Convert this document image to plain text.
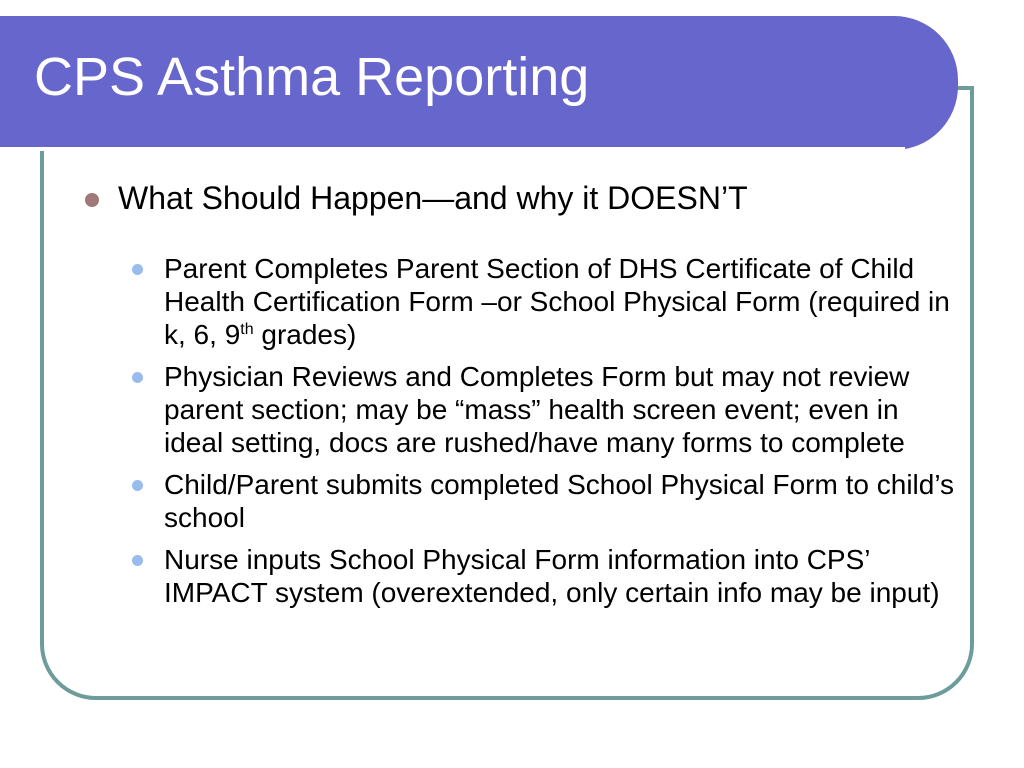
CPS Asthma Reporting
What Should Happen—and why it DOESN’T
Parent Completes Parent Section of DHS Certificate of Child Health Certification Form –or School Physical Form (required in k, 6, 9th grades)
Physician Reviews and Completes Form but may not review parent section; may be “mass” health screen event; even in ideal setting, docs are rushed/have many forms to complete
Child/Parent submits completed School Physical Form to child’s school
Nurse inputs School Physical Form information into CPS’ IMPACT system (overextended, only certain info may be input)
